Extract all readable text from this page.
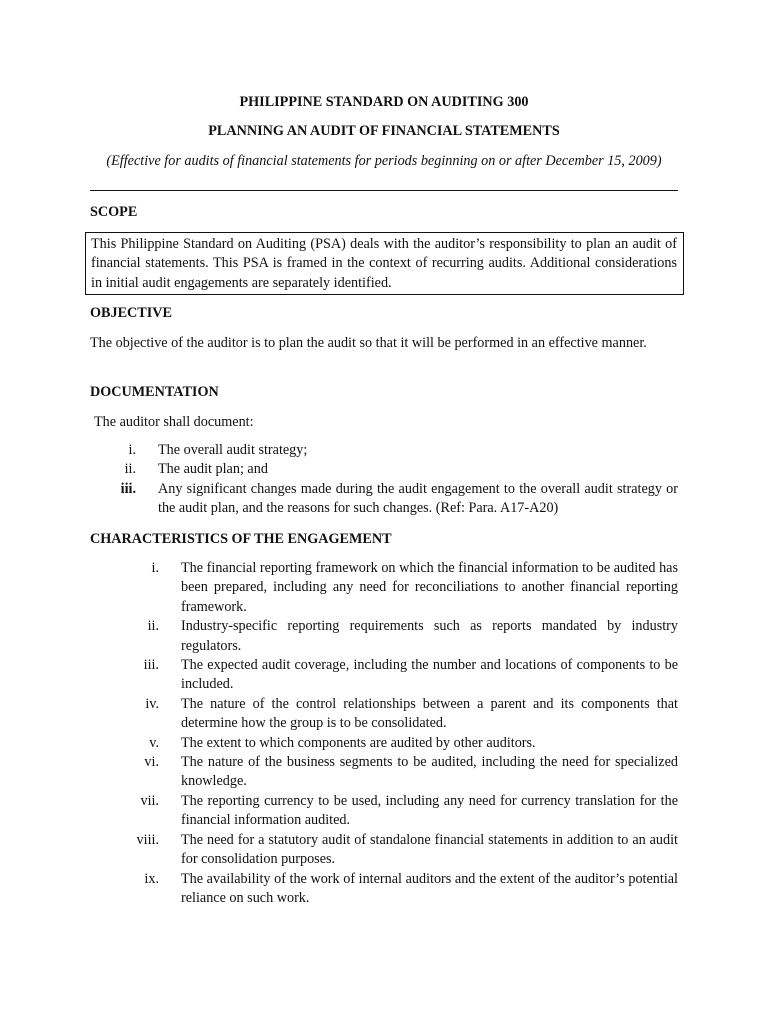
PHILIPPINE STANDARD ON AUDITING 300
PLANNING AN AUDIT OF FINANCIAL STATEMENTS
(Effective for audits of financial statements for periods beginning on or after December 15, 2009)
SCOPE
This Philippine Standard on Auditing (PSA) deals with the auditor’s responsibility to plan an audit of financial statements. This PSA is framed in the context of recurring audits. Additional considerations in initial audit engagements are separately identified.
OBJECTIVE
The objective of the auditor is to plan the audit so that it will be performed in an effective manner.
DOCUMENTATION
The auditor shall document:
i.	The overall audit strategy;
ii.	The audit plan; and
iii.	Any significant changes made during the audit engagement to the overall audit strategy or the audit plan, and the reasons for such changes. (Ref: Para. A17-A20)
CHARACTERISTICS OF THE ENGAGEMENT
i.	The financial reporting framework on which the financial information to be audited has been prepared, including any need for reconciliations to another financial reporting framework.
ii.	Industry-specific reporting requirements such as reports mandated by industry regulators.
iii.	The expected audit coverage, including the number and locations of components to be included.
iv.	The nature of the control relationships between a parent and its components that determine how the group is to be consolidated.
v.	The extent to which components are audited by other auditors.
vi.	The nature of the business segments to be audited, including the need for specialized knowledge.
vii.	The reporting currency to be used, including any need for currency translation for the financial information audited.
viii.	The need for a statutory audit of standalone financial statements in addition to an audit for consolidation purposes.
ix.	The availability of the work of internal auditors and the extent of the auditor’s potential reliance on such work.
